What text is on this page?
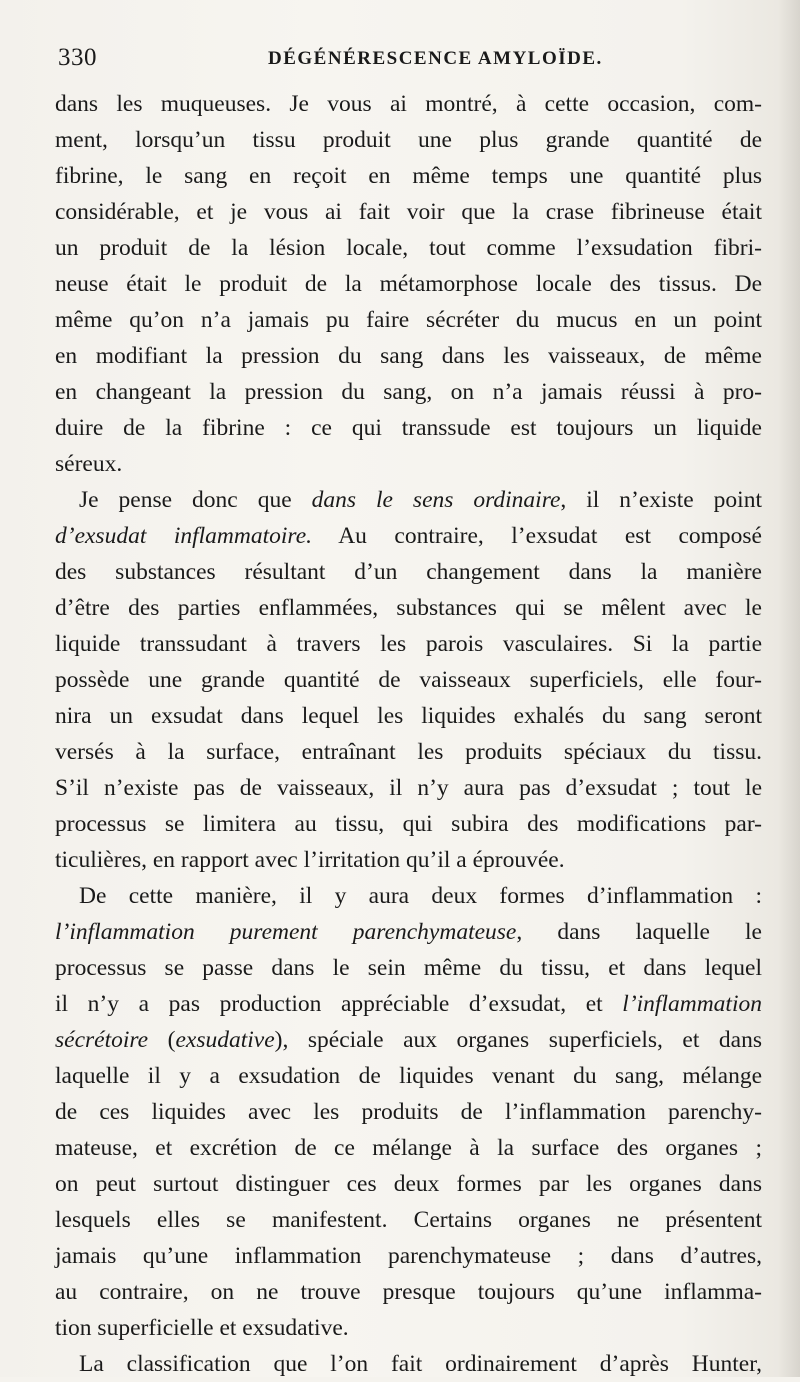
330	DÉGÉNÉRESCENCE AMYLOÏDE.
dans les muqueuses. Je vous ai montré, à cette occasion, com-
ment, lorsqu’un tissu produit une plus grande quantité de
fibrine, le sang en reçoit en même temps une quantité plus
considérable, et je vous ai fait voir que la crase fibrineuse était
un produit de la lésion locale, tout comme l’exsudation fibri-
neuse était le produit de la métamorphose locale des tissus. De
même qu’on n’a jamais pu faire sécréter du mucus en un point
en modifiant la pression du sang dans les vaisseaux, de même
en changeant la pression du sang, on n’a jamais réussi à pro-
duire de la fibrine : ce qui transsude est toujours un liquide
séreux.
Je pense donc que dans le sens ordinaire, il n’existe point
d’exsudat inflammatoire. Au contraire, l’exsudat est composé
des substances résultant d’un changement dans la manière
d’être des parties enflammées, substances qui se mêlent avec le
liquide transsudant à travers les parois vasculaires. Si la partie
possède une grande quantité de vaisseaux superficiels, elle four-
nira un exsudat dans lequel les liquides exhalés du sang seront
versés à la surface, entraînant les produits spéciaux du tissu.
S’il n’existe pas de vaisseaux, il n’y aura pas d’exsudat ; tout le
processus se limitera au tissu, qui subira des modifications par-
ticulières, en rapport avec l’irritation qu’il a éprouvée.
De cette manière, il y aura deux formes d’inflammation :
l’inflammation purement parenchymateuse, dans laquelle le
processus se passe dans le sein même du tissu, et dans lequel
il n’y a pas production appréciable d’exsudat, et l’inflammation
sécrétoire (exsudative), spéciale aux organes superficiels, et dans
laquelle il y a exsudation de liquides venant du sang, mélange
de ces liquides avec les produits de l’inflammation parenchy-
mateuse, et excrétion de ce mélange à la surface des organes ;
on peut surtout distinguer ces deux formes par les organes dans
lesquels elles se manifestent. Certains organes ne présentent
jamais qu’une inflammation parenchymateuse ; dans d’autres,
au contraire, on ne trouve presque toujours qu’une inflamma-
tion superficielle et exsudative.
La classification que l’on fait ordinairement d’après Hunter,
